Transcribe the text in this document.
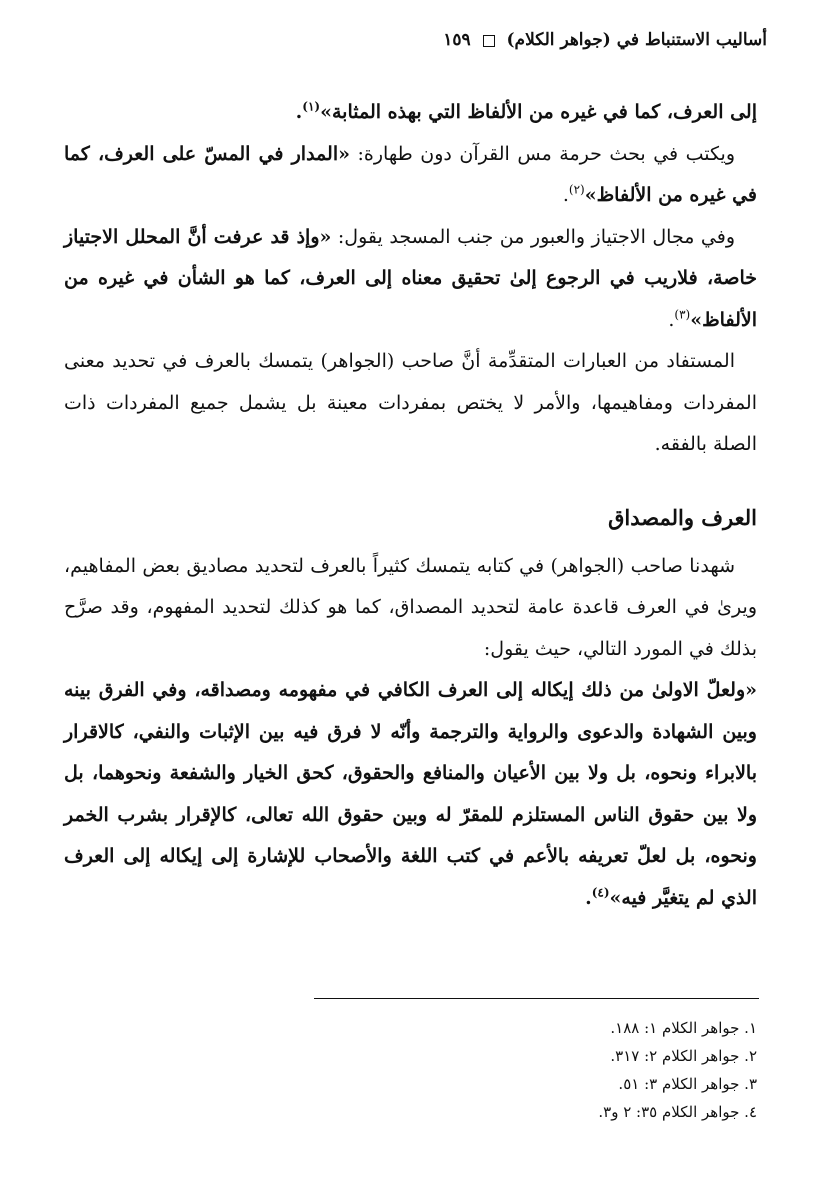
أساليب الاستنباط في (جواهر الكلام)  ١٥٩

إلى العرف، كما في غيره من الألفاظ التي بهذه المثابة»$^{(١)}$.

ويكتب في بحث حرمة مس القرآن دون طهارة: «المدار في المسّ على العرف، كما في غيره من الألفاظ»$^{(٢)}$.

وفي مجال الاجتياز والعبور من جنب المسجد يقول: «وإذ قد عرفت أنَّ المحلل الاجتياز خاصة، فلاريب في الرجوع إلىٰ تحقيق معناه إلى العرف، كما هو الشأن في غيره من الألفاظ»$^{(٣)}$.

المستفاد من العبارات المتقدِّمة أنَّ صاحب (الجواهر) يتمسك بالعرف في تحديد معنى المفردات ومفاهيمها، والأمر لا يختص بمفردات معينة بل يشمل جميع المفردات ذات الصلة بالفقه.

العرف والمصداق

شهدنا صاحب (الجواهر) في كتابه يتمسك كثيراً بالعرف لتحديد مصاديق بعض المفاهيم، ويرىٰ في العرف قاعدة عامة لتحديد المصداق، كما هو كذلك لتحديد المفهوم، وقد صرَّح بذلك في المورد التالي، حيث يقول:

«ولعلّ الاولىٰ من ذلك إيكاله إلى العرف الكافي في مفهومه ومصداقه، وفي الفرق بينه وبين الشهادة والدعوى والرواية والترجمة وأنّه لا فرق فيه بين الإثبات والنفي، كالاقرار بالابراء ونحوه، بل ولا بين الأعيان والمنافع والحقوق، كحق الخيار والشفعة ونحوهما، بل ولا بين حقوق الناس المستلزم للمقرّ له وبين حقوق الله تعالى، كالإقرار بشرب الخمر ونحوه، بل لعلّ تعريفه بالأعم في كتب اللغة والأصحاب للإشارة إلى إيكاله إلى العرف الذي لم يتغيَّر فيه»$^{(٤)}$.

١. جواهر الكلام ١: ١٨٨.
٢. جواهر الكلام ٢: ٣١٧.
٣. جواهر الكلام ٣: ٥١.
٤. جواهر الكلام ٣٥: ٢ و٣.
